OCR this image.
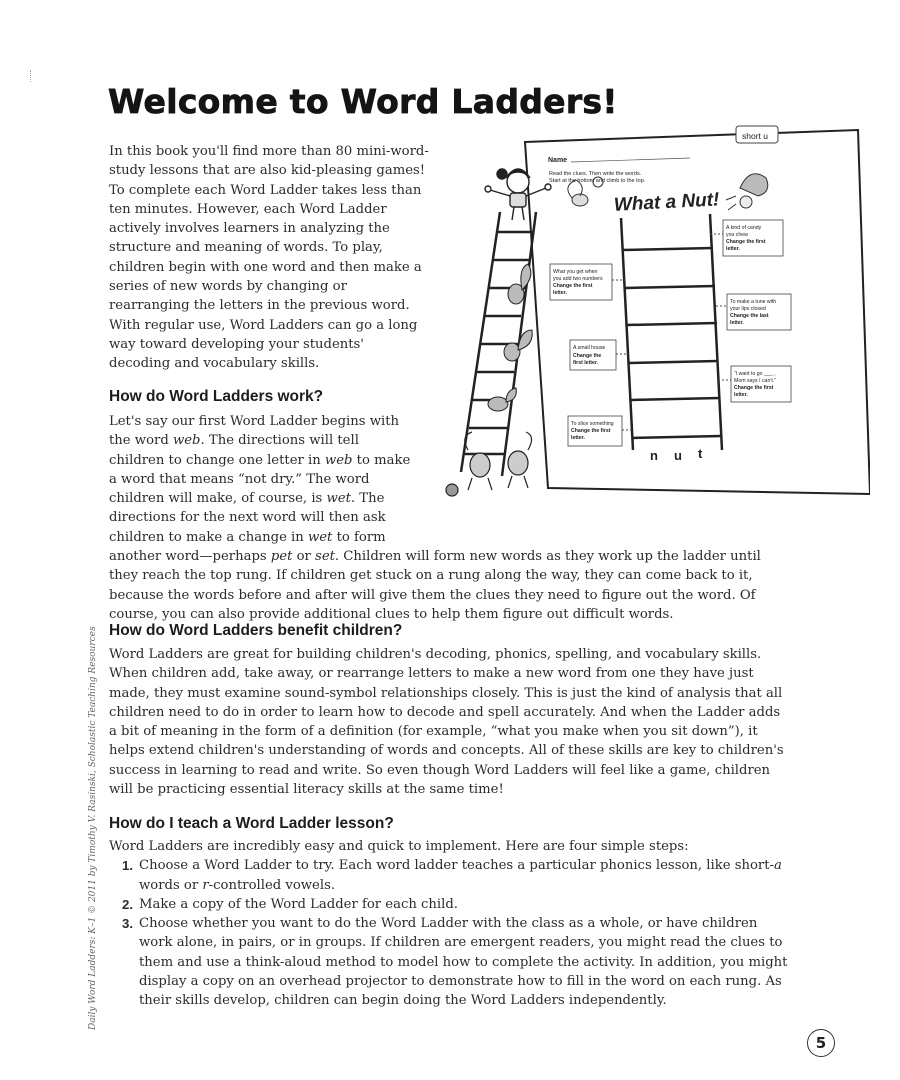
Welcome to Word Ladders!

In this book you'll find more than 80 mini-word-study lessons that are also kid-pleasing games! To complete each Word Ladder takes less than ten minutes. However, each Word Ladder actively involves learners in analyzing the structure and meaning of words. To play, children begin with one word and then make a series of new words by changing or rearranging the letters in the previous word. With regular use, Word Ladders can go a long way toward developing your students' decoding and vocabulary skills.

short u
Name
Read the clues. Then write the words.
Start at the bottom and climb to the top.
What a Nut!
n u t
A kind of candy
you chew
Change the first
letter.
What you get when
you add two numbers
Change the first
letter.
To make a tune with
your lips closed
Change the last
letter.
A small house
Change the
first letter.
“I want to go ___ ,
Mom says I can't.”
Change the first
letter.
To slice something
Change the first
letter.
How do Word Ladders work?
Let's say our first Word Ladder begins with the word web. The directions will tell children to change one letter in web to make a word that means “not dry.” The word children will make, of course, is wet. The directions for the next word will then ask children to make a change in wet to form another word—perhaps pet or set. Children will form new words as they work up the ladder until they reach the top rung. If children get stuck on a rung along the way, they can come back to it, because the words before and after will give them the clues they need to figure out the word. Of course, you can also provide additional clues to help them figure out difficult words.
How do Word Ladders benefit children?

Word Ladders are great for building children's decoding, phonics, spelling, and vocabulary skills. When children add, take away, or rearrange letters to make a new word from one they have just made, they must examine sound-symbol relationships closely. This is just the kind of analysis that all children need to do in order to learn how to decode and spell accurately. And when the Ladder adds a bit of meaning in the form of a definition (for example, “what you make when you sit down”), it helps extend children's understanding of words and concepts. All of these skills are key to children's success in learning to read and write. So even though Word Ladders will feel like a game, children will be practicing essential literacy skills at the same time!

How do I teach a Word Ladder lesson?
Word Ladders are incredibly easy and quick to implement. Here are four simple steps:
1. Choose a Word Ladder to try. Each word ladder teaches a particular phonics lesson, like short-a words or r-controlled vowels.
2. Make a copy of the Word Ladder for each child.
3. Choose whether you want to do the Word Ladder with the class as a whole, or have children work alone, in pairs, or in groups. If children are emergent readers, you might read the clues to them and use a think-aloud method to model how to complete the activity. In addition, you might display a copy on an overhead projector to demonstrate how to fill in the word on each rung. As their skills develop, children can begin doing the Word Ladders independently.
Daily Word Ladders: K–1 © 2011 by Timothy V. Rasinski, Scholastic Teaching Resources
5
